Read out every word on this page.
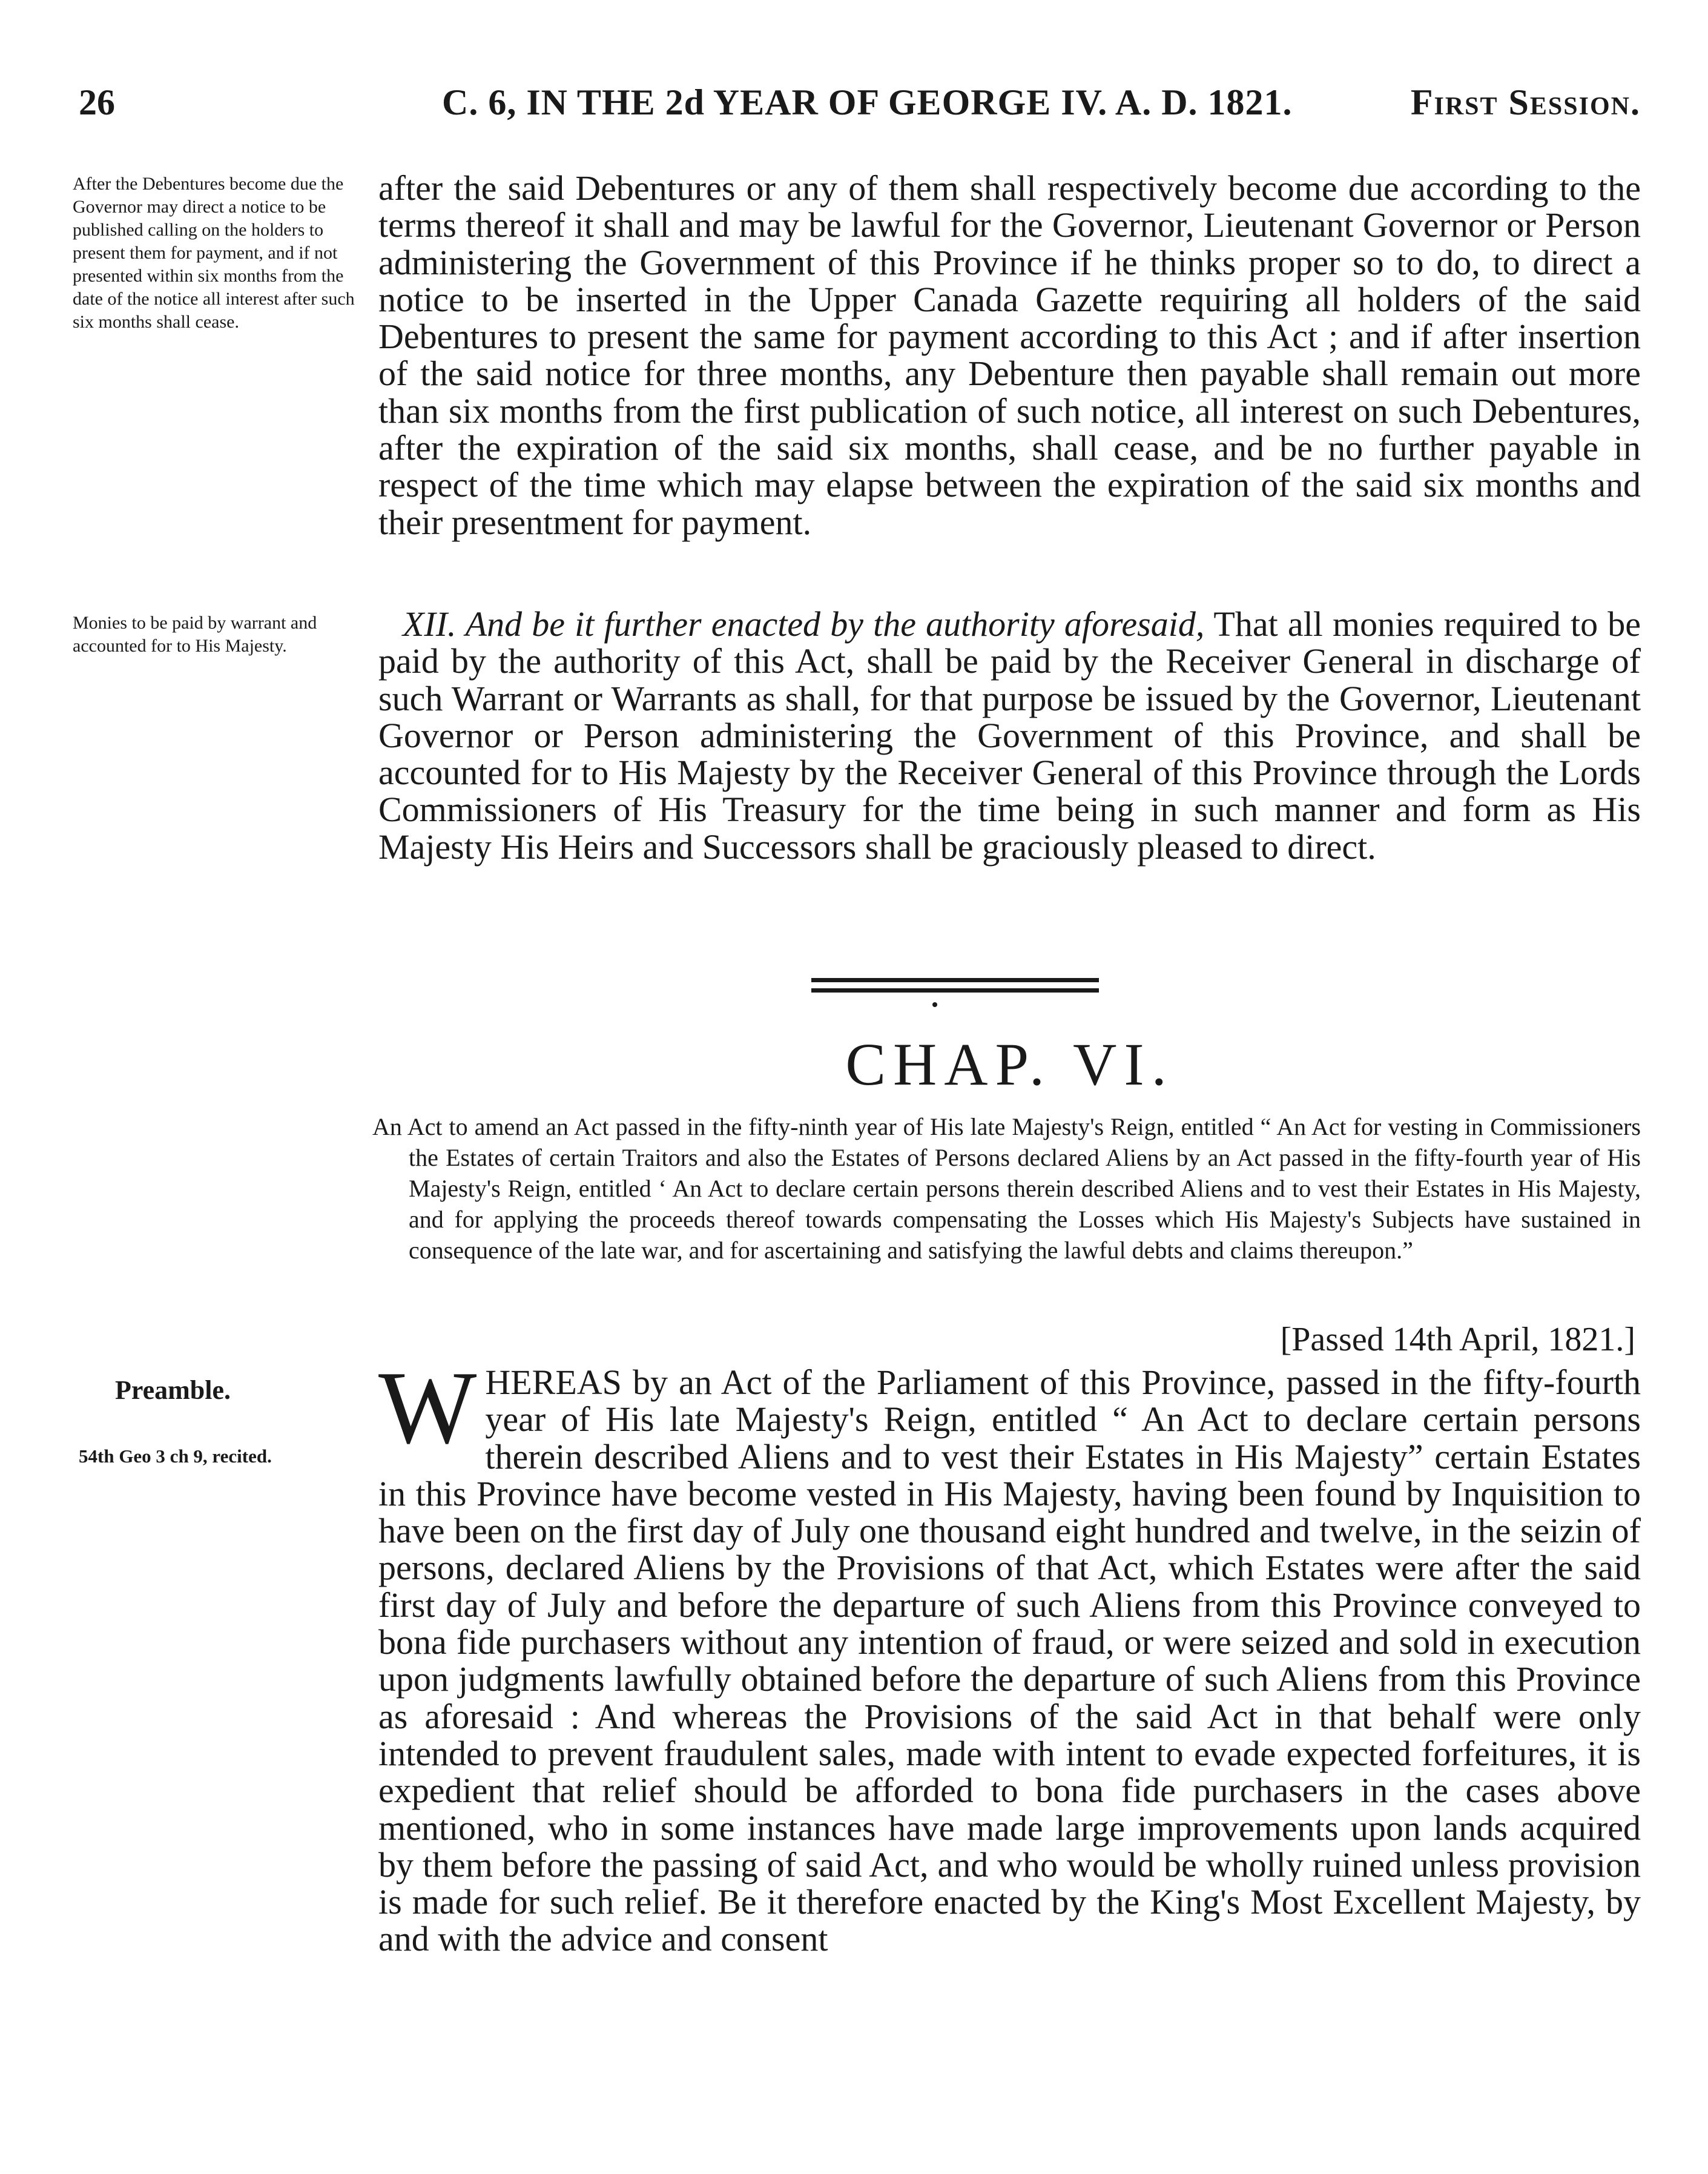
26	C. 6, IN THE 2d YEAR OF GEORGE IV. A. D. 1821.	First Session.
After the Debentures become due the Governor may direct a notice to be published calling on the holders to present them for payment, and if not presented within six months from the date of the notice all interest after such six months shall cease.
Monies to be paid by warrant and accounted for to His Majesty.
Preamble.
54th Geo 3 ch 9, recited.

after the said Debentures or any of them shall respectively become due according to the terms thereof it shall and may be lawful for the Governor, Lieutenant Governor or Person administering the Government of this Province if he thinks proper so to do, to direct a notice to be inserted in the Upper Canada Gazette requiring all holders of the said Debentures to present the same for payment according to this Act ; and if after insertion of the said notice for three months, any Debenture then payable shall remain out more than six months from the first publication of such notice, all interest on such Debentures, after the expiration of the said six months, shall cease, and be no further payable in respect of the time which may elapse between the expiration of the said six months and their presentment for payment.

XII. And be it further enacted by the authority aforesaid, That all monies required to be paid by the authority of this Act, shall be paid by the Receiver General in discharge of such Warrant or Warrants as shall, for that purpose be issued by the Governor, Lieutenant Governor or Person administering the Government of this Province, and shall be accounted for to His Majesty by the Receiver General of this Province through the Lords Commissioners of His Treasury for the time being in such manner and form as His Majesty His Heirs and Successors shall be graciously pleased to direct.

CHAP. VI.

An Act to amend an Act passed in the fifty-ninth year of His late Majesty's Reign, entitled “ An Act for vesting in Commissioners the Estates of certain Traitors and also the Estates of Persons declared Aliens by an Act passed in the fifty-fourth year of His Majesty's Reign, entitled ‘ An Act to declare certain persons therein described Aliens and to vest their Estates in His Majesty, and for applying the proceeds thereof towards compensating the Losses which His Majesty's Subjects have sustained in consequence of the late war, and for ascertaining and satisfying the lawful debts and claims thereupon.”

[Passed 14th April, 1821.]

WHEREAS by an Act of the Parliament of this Province, passed in the fifty-fourth year of His late Majesty's Reign, entitled “ An Act to declare certain persons therein described Aliens and to vest their Estates in His Majesty” certain Estates in this Province have become vested in His Majesty, having been found by Inquisition to have been on the first day of July one thousand eight hundred and twelve, in the seizin of persons, declared Aliens by the Provisions of that Act, which Estates were after the said first day of July and before the departure of such Aliens from this Province conveyed to bona fide purchasers without any intention of fraud, or were seized and sold in execution upon judgments lawfully obtained before the departure of such Aliens from this Province as aforesaid : And whereas the Provisions of the said Act in that behalf were only intended to prevent fraudulent sales, made with intent to evade expected forfeitures, it is expedient that relief should be afforded to bona fide purchasers in the cases above mentioned, who in some instances have made large improvements upon lands acquired by them before the passing of said Act, and who would be wholly ruined unless provision is made for such relief. Be it therefore enacted by the King's Most Excellent Majesty, by and with the advice and consent
